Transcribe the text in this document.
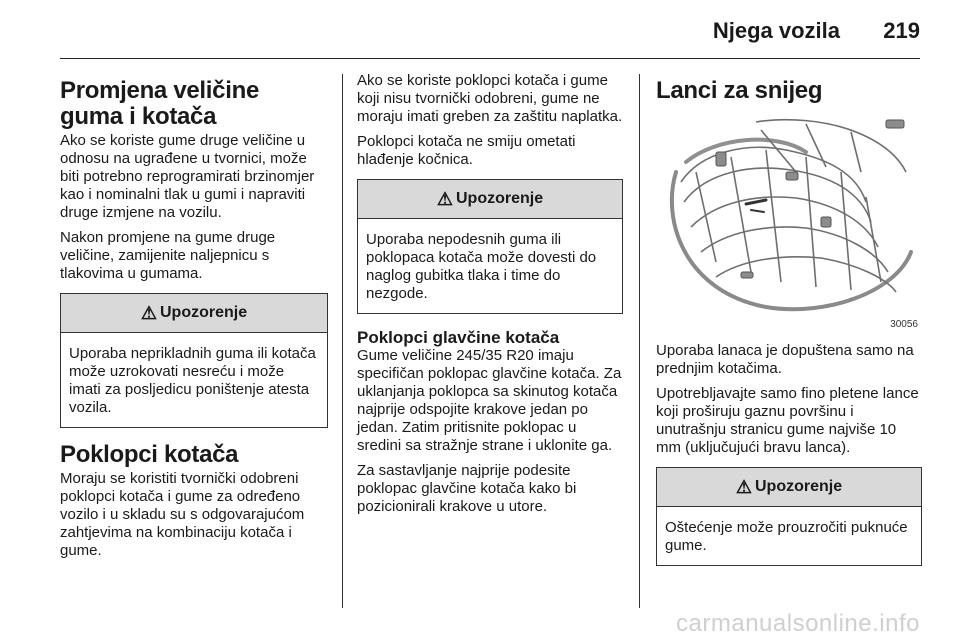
Njega vozila 219
Promjena veličine guma i kotača

Ako se koriste gume druge veličine u odnosu na ugrađene u tvornici, može biti potrebno reprogramirati brzinomjer kao i nominalni tlak u gumi i napraviti druge izmjene na vozilu.

Nakon promjene na gume druge veličine, zamijenite naljepnicu s tlakovima u gumama.

⚠ Upozorenje
Uporaba neprikladnih guma ili kotača može uzrokovati nesreću i može imati za posljedicu poništenje atesta vozila.
Poklopci kotača

Moraju se koristiti tvornički odobreni poklopci kotača i gume za određeno vozilo i u skladu su s odgovarajućom zahtjevima na kombinaciju kotača i gume.

Ako se koriste poklopci kotača i gume koji nisu tvornički odobreni, gume ne moraju imati greben za zaštitu naplatka.

Poklopci kotača ne smiju ometati hlađenje kočnica.

⚠ Upozorenje
Uporaba nepodesnih guma ili poklopaca kotača može dovesti do naglog gubitka tlaka i time do nezgode.
Poklopci glavčine kotača

Gume veličine 245/35 R20 imaju specifičan poklopac glavčine kotača. Za uklanjanja poklopca sa skinutog kotača najprije odspojite krakove jedan po jedan. Zatim pritisnite poklopac u sredini sa stražnje strane i uklonite ga.

Za sastavljanje najprije podesite poklopac glavčine kotača kako bi pozicionirali krakove u utore.

Lanci za snijeg
30056

Uporaba lanaca je dopuštena samo na prednjim kotačima.

Upotrebljavajte samo fino pletene lance koji proširuju gaznu površinu i unutrašnju stranicu gume najviše 10 mm (uključujući bravu lanca).

⚠ Upozorenje
Oštećenje može prouzročiti puknuće gume.
carmanualsonline.info
